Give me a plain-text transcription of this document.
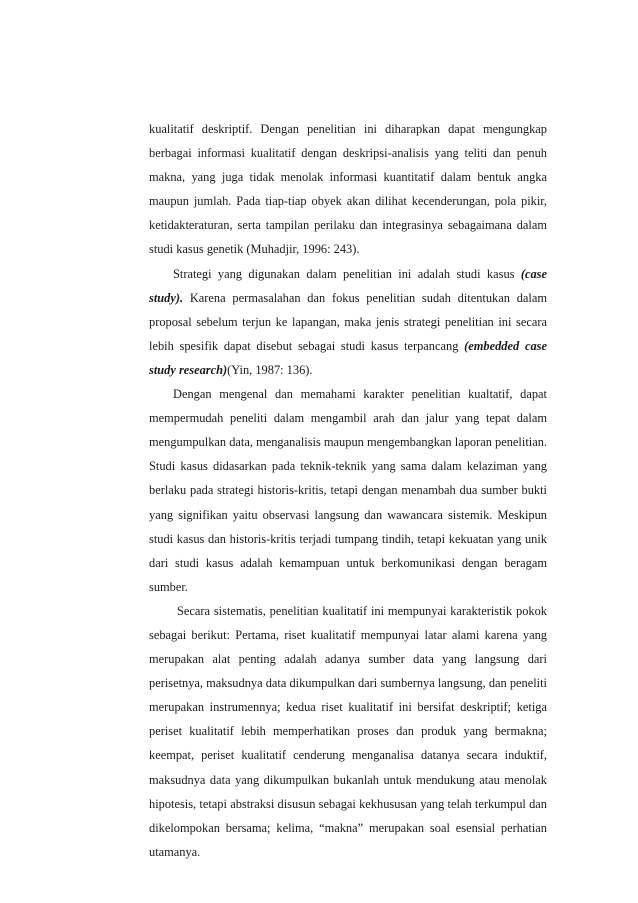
kualitatif deskriptif. Dengan penelitian ini diharapkan dapat mengungkap berbagai informasi kualitatif dengan deskripsi-analisis yang teliti dan penuh makna, yang juga tidak menolak informasi kuantitatif dalam bentuk angka maupun jumlah. Pada tiap-tiap obyek akan dilihat kecenderungan, pola pikir, ketidakteraturan, serta tampilan perilaku dan integrasinya sebagaimana dalam studi kasus genetik (Muhadjir, 1996: 243).

Strategi yang digunakan dalam penelitian ini adalah studi kasus (case study). Karena permasalahan dan fokus penelitian sudah ditentukan dalam proposal sebelum terjun ke lapangan, maka jenis strategi penelitian ini secara lebih spesifik dapat disebut sebagai studi kasus terpancang (embedded case study research)(Yin, 1987: 136).

Dengan mengenal dan memahami karakter penelitian kualtatif, dapat mempermudah peneliti dalam mengambil arah dan jalur yang tepat dalam mengumpulkan data, menganalisis maupun mengembangkan laporan penelitian. Studi kasus didasarkan pada teknik-teknik yang sama dalam kelaziman yang berlaku pada strategi historis-kritis, tetapi dengan menambah dua sumber bukti yang signifikan yaitu observasi langsung dan wawancara sistemik. Meskipun studi kasus dan historis-kritis terjadi tumpang tindih, tetapi kekuatan yang unik dari studi kasus adalah kemampuan untuk berkomunikasi dengan beragam sumber.

Secara sistematis, penelitian kualitatif ini mempunyai karakteristik pokok sebagai berikut: Pertama, riset kualitatif mempunyai latar alami karena yang merupakan alat penting adalah adanya sumber data yang langsung dari perisetnya, maksudnya data dikumpulkan dari sumbernya langsung, dan peneliti merupakan instrumennya; kedua riset kualitatif ini bersifat deskriptif; ketiga periset kualitatif lebih memperhatikan proses dan produk yang bermakna; keempat, periset kualitatif cenderung menganalisa datanya secara induktif, maksudnya data yang dikumpulkan bukanlah untuk mendukung atau menolak hipotesis, tetapi abstraksi disusun sebagai kekhususan yang telah terkumpul dan dikelompokan bersama; kelima, “makna” merupakan soal esensial perhatian utamanya.
